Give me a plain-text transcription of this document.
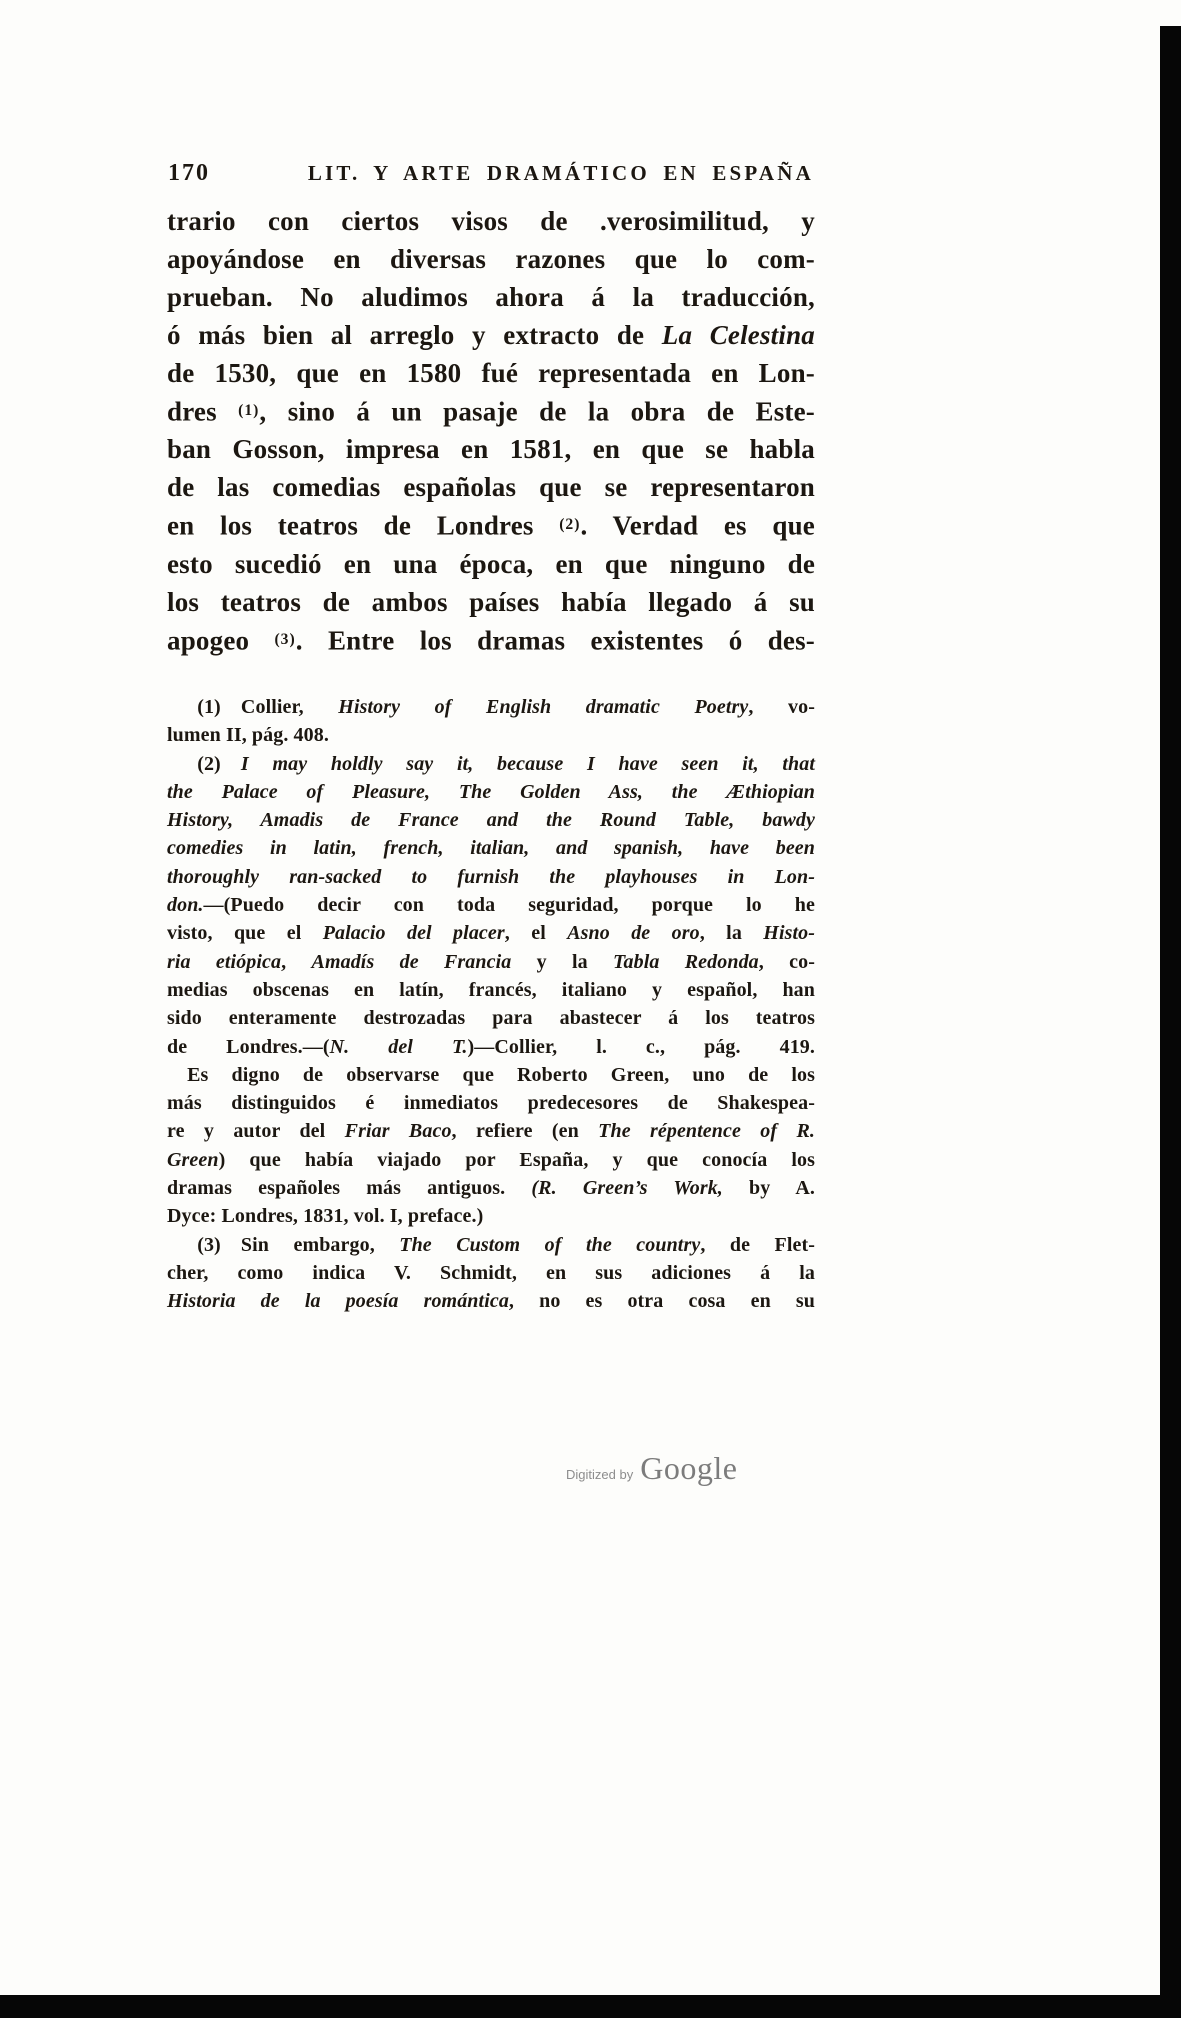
170	LIT. Y ARTE DRAMÁTICO EN ESPAÑA
trario con ciertos visos de .verosimilitud, y
apoyándose en diversas razones que lo com-
prueban. No aludimos ahora á la traducción,
ó más bien al arreglo y extracto de La Celestina
de 1530, que en 1580 fué representada en Lon-
dres (1), sino á un pasaje de la obra de Este-
ban Gosson, impresa en 1581, en que se habla
de las comedias españolas que se representaron
en los teatros de Londres (2). Verdad es que
esto sucedió en una época, en que ninguno de
los teatros de ambos países había llegado á su
apogeo (3). Entre los dramas existentes ó des-
  (1) Collier, History of English dramatic Poetry, vo-
lumen II, pág. 408.
  (2) I may holdly say it, because I have seen it, that
the Palace of Pleasure, The Golden Ass, the Æthiopian
History, Amadis de France and the Round Table, bawdy
comedies in latin, french, italian, and spanish, have been
thoroughly ran-sacked to furnish the playhouses in Lon-
don.—(Puedo decir con toda seguridad, porque lo he
visto, que el Palacio del placer, el Asno de oro, la Histo-
ria etiópica, Amadís de Francia y la Tabla Redonda, co-
medias obscenas en latín, francés, italiano y español, han
sido enteramente destrozadas para abastecer á los teatros
de Londres.—(N. del T.)—Collier, l. c., pág. 419.
 Es digno de observarse que Roberto Green, uno de los
más distinguidos é inmediatos predecesores de Shakespea-
re y autor del Friar Baco, refiere (en The répentence of R.
Green) que había viajado por España, y que conocía los
dramas españoles más antiguos. (R. Green’s Work, by A.
Dyce: Londres, 1831, vol. I, preface.)
  (3) Sin embargo, The Custom of the country, de Flet-
cher, como indica V. Schmidt, en sus adiciones á la
Historia de la poesía romántica, no es otra cosa en su
Digitized by Google
